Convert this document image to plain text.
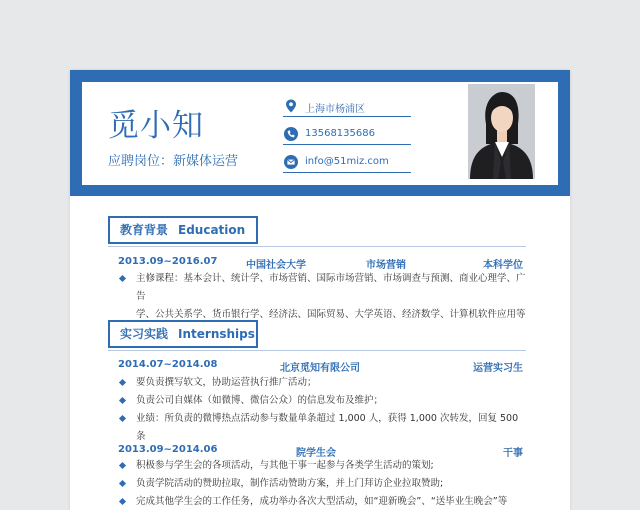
觅小知
应聘岗位：新媒体运营
上海市杨浦区
13568135686
info@51miz.com
教育背景 Education
2013.09~2016.07	中国社会大学	市场营销	本科学位
主修课程：基本会计、统计学、市场营销、国际市场营销、市场调查与预测、商业心理学、广告
学、公共关系学、货币银行学、经济法、国际贸易、大学英语、经济数学、计算机软件应用等
实习实践 Internships
2014.07~2014.08	北京觅知有限公司	运营实习生
要负责撰写软文，协助运营执行推广活动；
负责公司自媒体（如微博、微信公众）的信息发布及维护；
业绩：所负责的微博热点活动参与数量单条超过 1,000 人，获得 1,000 次转发，回复 500 条
2013.09~2014.06	院学生会	干事
积极参与学生会的各项活动，与其他干事一起参与各类学生活动的策划;
负责学院活动的赞助拉取，制作活动赞助方案，并上门拜访企业拉取赞助;
完成其他学生会的工作任务，成功举办各次大型活动，如“迎新晚会”、“送毕业生晚会”等
